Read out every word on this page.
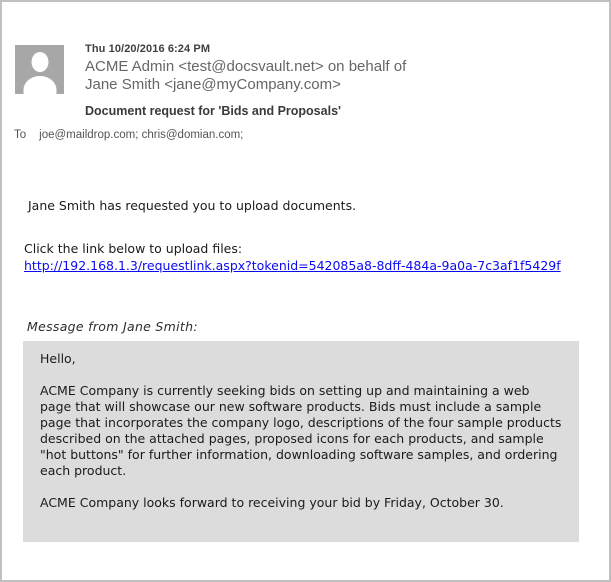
Thu 10/20/2016 6:24 PM
ACME Admin <test@docsvault.net> on behalf of
Jane Smith <jane@myCompany.com>
Document request for 'Bids and Proposals'
To joe@maildrop.com; chris@domian.com;
Jane Smith has requested you to upload documents.
Click the link below to upload files:
http://192.168.1.3/requestlink.aspx?tokenid=542085a8-8dff-484a-9a0a-7c3af1f5429f
Message from Jane Smith:

Hello,

ACME Company is currently seeking bids on setting up and maintaining a web page that will showcase our new software products. Bids must include a sample page that incorporates the company logo, descriptions of the four sample products described on the attached pages, proposed icons for each products, and sample "hot buttons" for further information, downloading software samples, and ordering each product.

ACME Company looks forward to receiving your bid by Friday, October 30.
